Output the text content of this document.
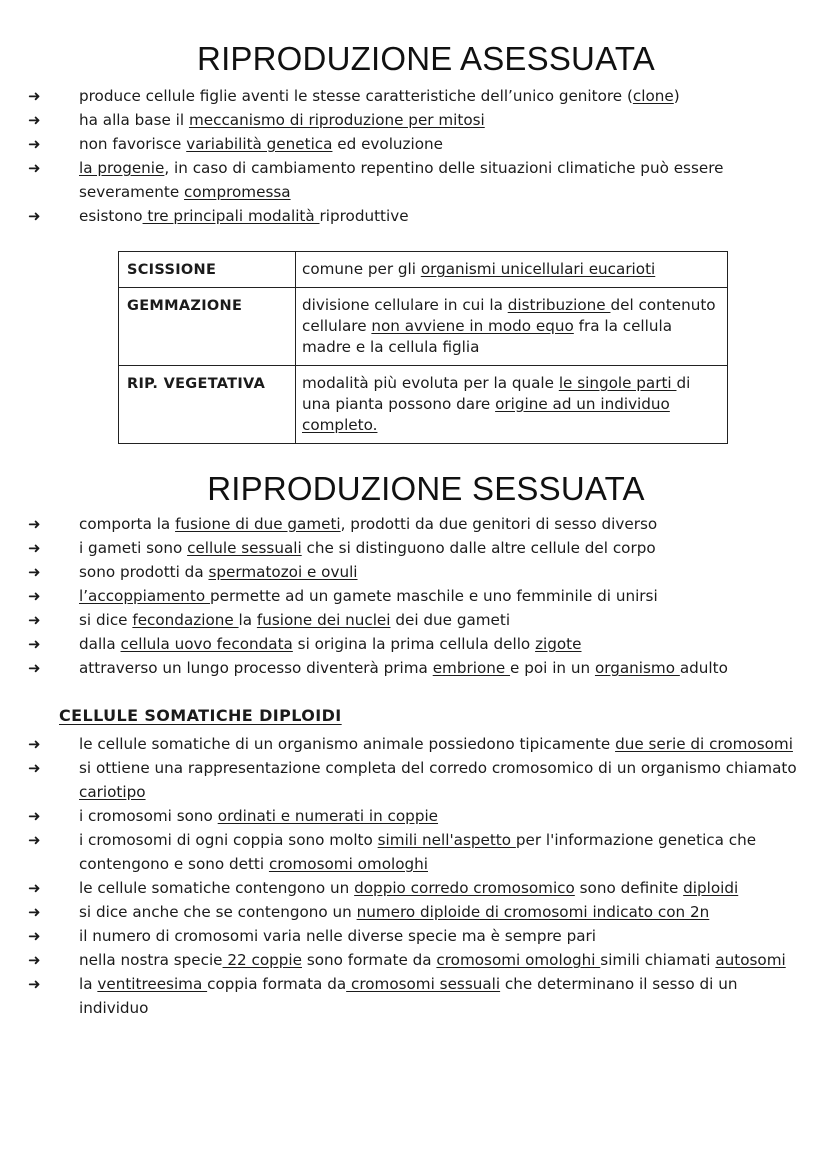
RIPRODUZIONE ASESSUATA
➜	produce cellule figlie aventi le stesse caratteristiche dell’unico genitore (clone)
➜	ha alla base il meccanismo di riproduzione per mitosi
➜	non favorisce variabilità genetica ed evoluzione
➜	la progenie, in caso di cambiamento repentino delle situazioni climatiche può essere severamente compromessa
➜	esistono tre principali modalità riproduttive
SCISSIONE	comune per gli organismi unicellulari eucarioti
GEMMAZIONE	divisione cellulare in cui la distribuzione del contenuto cellulare non avviene in modo equo fra la cellula madre e la cellula figlia
RIP. VEGETATIVA	modalità più evoluta per la quale le singole parti di una pianta possono dare origine ad un individuo completo.
RIPRODUZIONE SESSUATA
➜	comporta la fusione di due gameti, prodotti da due genitori di sesso diverso
➜	i gameti sono cellule sessuali che si distinguono dalle altre cellule del corpo
➜	sono prodotti da spermatozoi e ovuli
➜	l’accoppiamento permette ad un gamete maschile e uno femminile di unirsi
➜	si dice fecondazione la fusione dei nuclei dei due gameti
➜	dalla cellula uovo fecondata si origina la prima cellula dello zigote
➜	attraverso un lungo processo diventerà prima embrione e poi in un organismo adulto
CELLULE SOMATICHE DIPLOIDI
➜	le cellule somatiche di un organismo animale possiedono tipicamente due serie di cromosomi
➜	si ottiene una rappresentazione completa del corredo cromosomico di un organismo chiamato cariotipo
➜	i cromosomi sono ordinati e numerati in coppie
➜	i cromosomi di ogni coppia sono molto simili nell'aspetto per l'informazione genetica che contengono e sono detti cromosomi omologhi
➜	le cellule somatiche contengono un doppio corredo cromosomico sono definite diploidi
➜	si dice anche che se contengono un numero diploide di cromosomi indicato con 2n
➜	il numero di cromosomi varia nelle diverse specie ma è sempre pari
➜	nella nostra specie 22 coppie sono formate da cromosomi omologhi simili chiamati autosomi
➜	la ventitreesima coppia formata da cromosomi sessuali che determinano il sesso di un individuo
